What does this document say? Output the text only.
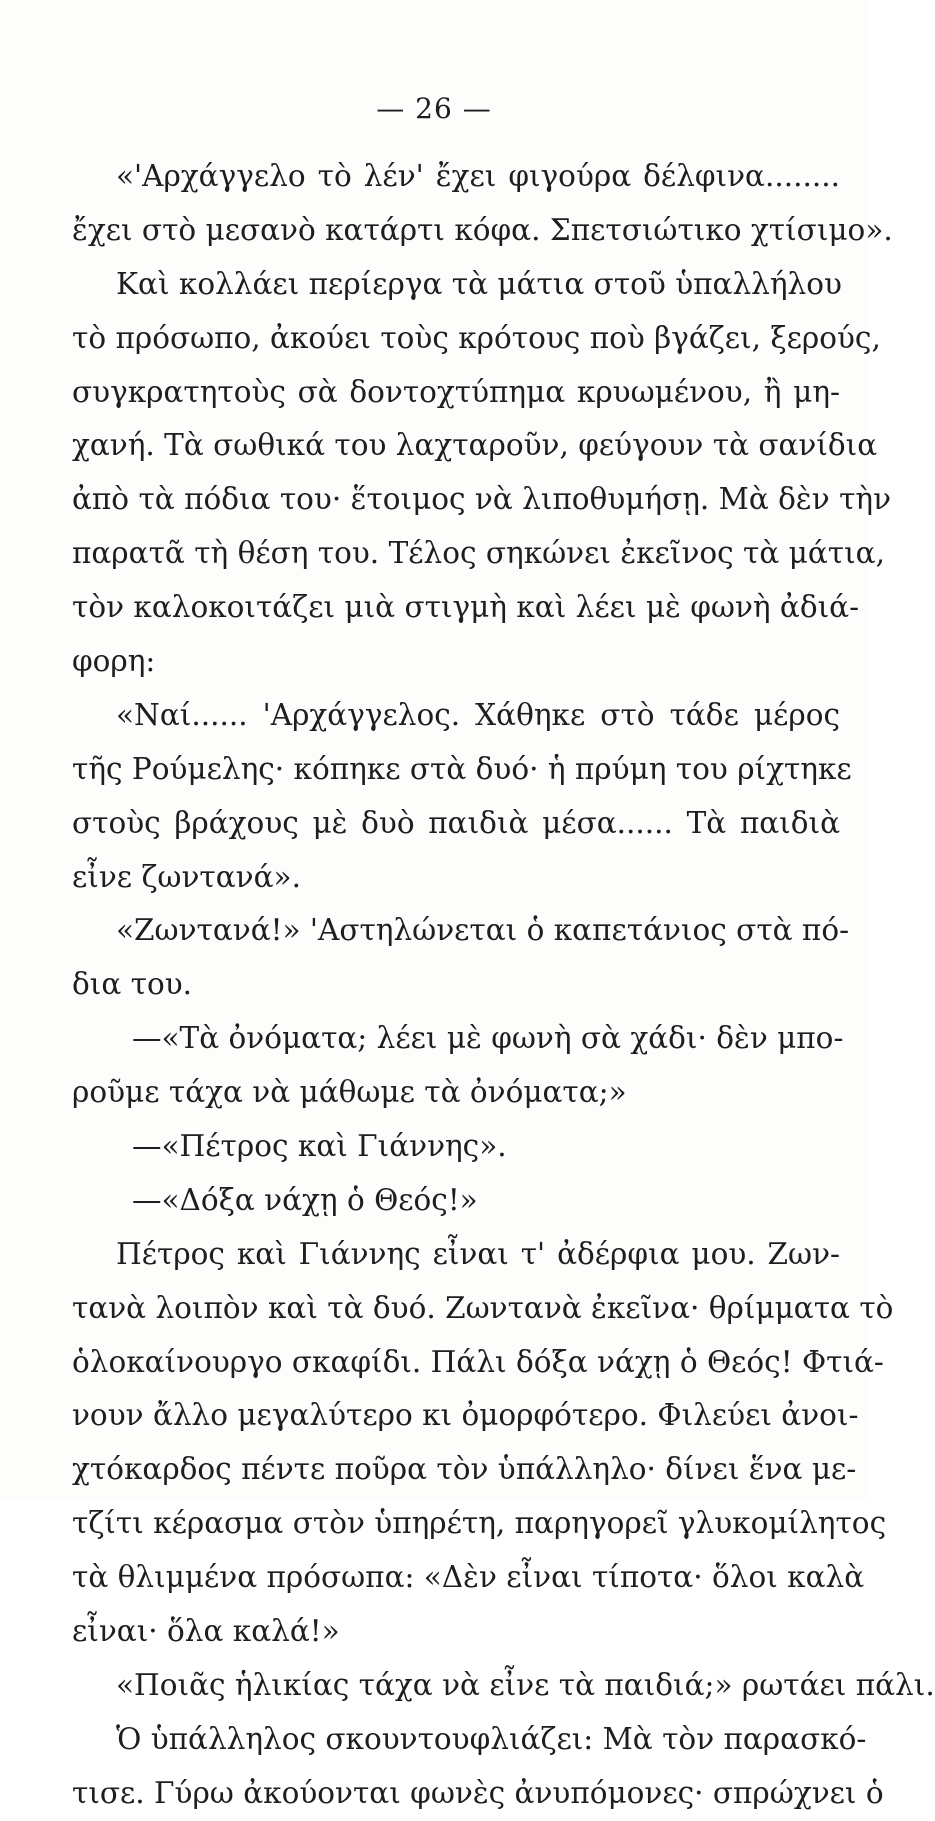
— 26 —
«'Αρχάγγελο τὸ λέν' ἔχει φιγούρα δέλφινα........
ἔχει στὸ μεσανὸ κατάρτι κόφα. Σπετσιώτικο χτίσιμο».
Καὶ κολλάει περίεργα τὰ μάτια στοῦ ὑπαλλήλου
τὸ πρόσωπο, ἀκούει τοὺς κρότους ποὺ βγάζει, ξερούς,
συγκρατητοὺς σὰ δοντοχτύπημα κρυωμένου, ἢ μη-
χανή. Τὰ σωθικά του λαχταροῦν, φεύγουν τὰ σανίδια
ἀπὸ τὰ πόδια του· ἕτοιμος νὰ λιποθυμήσῃ. Μὰ δὲν τὴν
παρατᾶ τὴ θέση του. Τέλος σηκώνει ἐκεῖνος τὰ μάτια,
τὸν καλοκοιτάζει μιὰ στιγμὴ καὶ λέει μὲ φωνὴ ἀδιά-
φορη:
«Ναί...... 'Αρχάγγελος. Χάθηκε στὸ τάδε μέρος
τῆς Ρούμελης· κόπηκε στὰ δυό· ἡ πρύμη του ρίχτηκε
στοὺς βράχους μὲ δυὸ παιδιὰ μέσα...... Τὰ παιδιὰ
εἶνε ζωντανά».
«Ζωντανά!» 'Αστηλώνεται ὁ καπετάνιος στὰ πό-
δια του.
—«Τὰ ὀνόματα; λέει μὲ φωνὴ σὰ χάδι· δὲν μπο-
ροῦμε τάχα νὰ μάθωμε τὰ ὀνόματα;»
—«Πέτρος καὶ Γιάννης».
—«Δόξα νάχῃ ὁ Θεός!»
Πέτρος καὶ Γιάννης εἶναι τ' ἀδέρφια μου. Ζων-
τανὰ λοιπὸν καὶ τὰ δυό. Ζωντανὰ ἐκεῖνα· θρίμματα τὸ
ὁλοκαίνουργο σκαφίδι. Πάλι δόξα νάχῃ ὁ Θεός! Φτιά-
νουν ἄλλο μεγαλύτερο κι ὀμορφότερο. Φιλεύει ἀνοι-
χτόκαρδος πέντε ποῦρα τὸν ὑπάλληλο· δίνει ἕνα με-
τζίτι κέρασμα στὸν ὑπηρέτη, παρηγορεῖ γλυκομίλητος
τὰ θλιμμένα πρόσωπα: «Δὲν εἶναι τίποτα· ὅλοι καλὰ
εἶναι· ὅλα καλά!»
«Ποιᾶς ἡλικίας τάχα νὰ εἶνε τὰ παιδιά;» ρωτάει πάλι.
Ὁ ὑπάλληλος σκουντουφλιάζει: Μὰ τὸν παρασκό-
τισε. Γύρω ἀκούονται φωνὲς ἀνυπόμονες· σπρώχνει ὁ
